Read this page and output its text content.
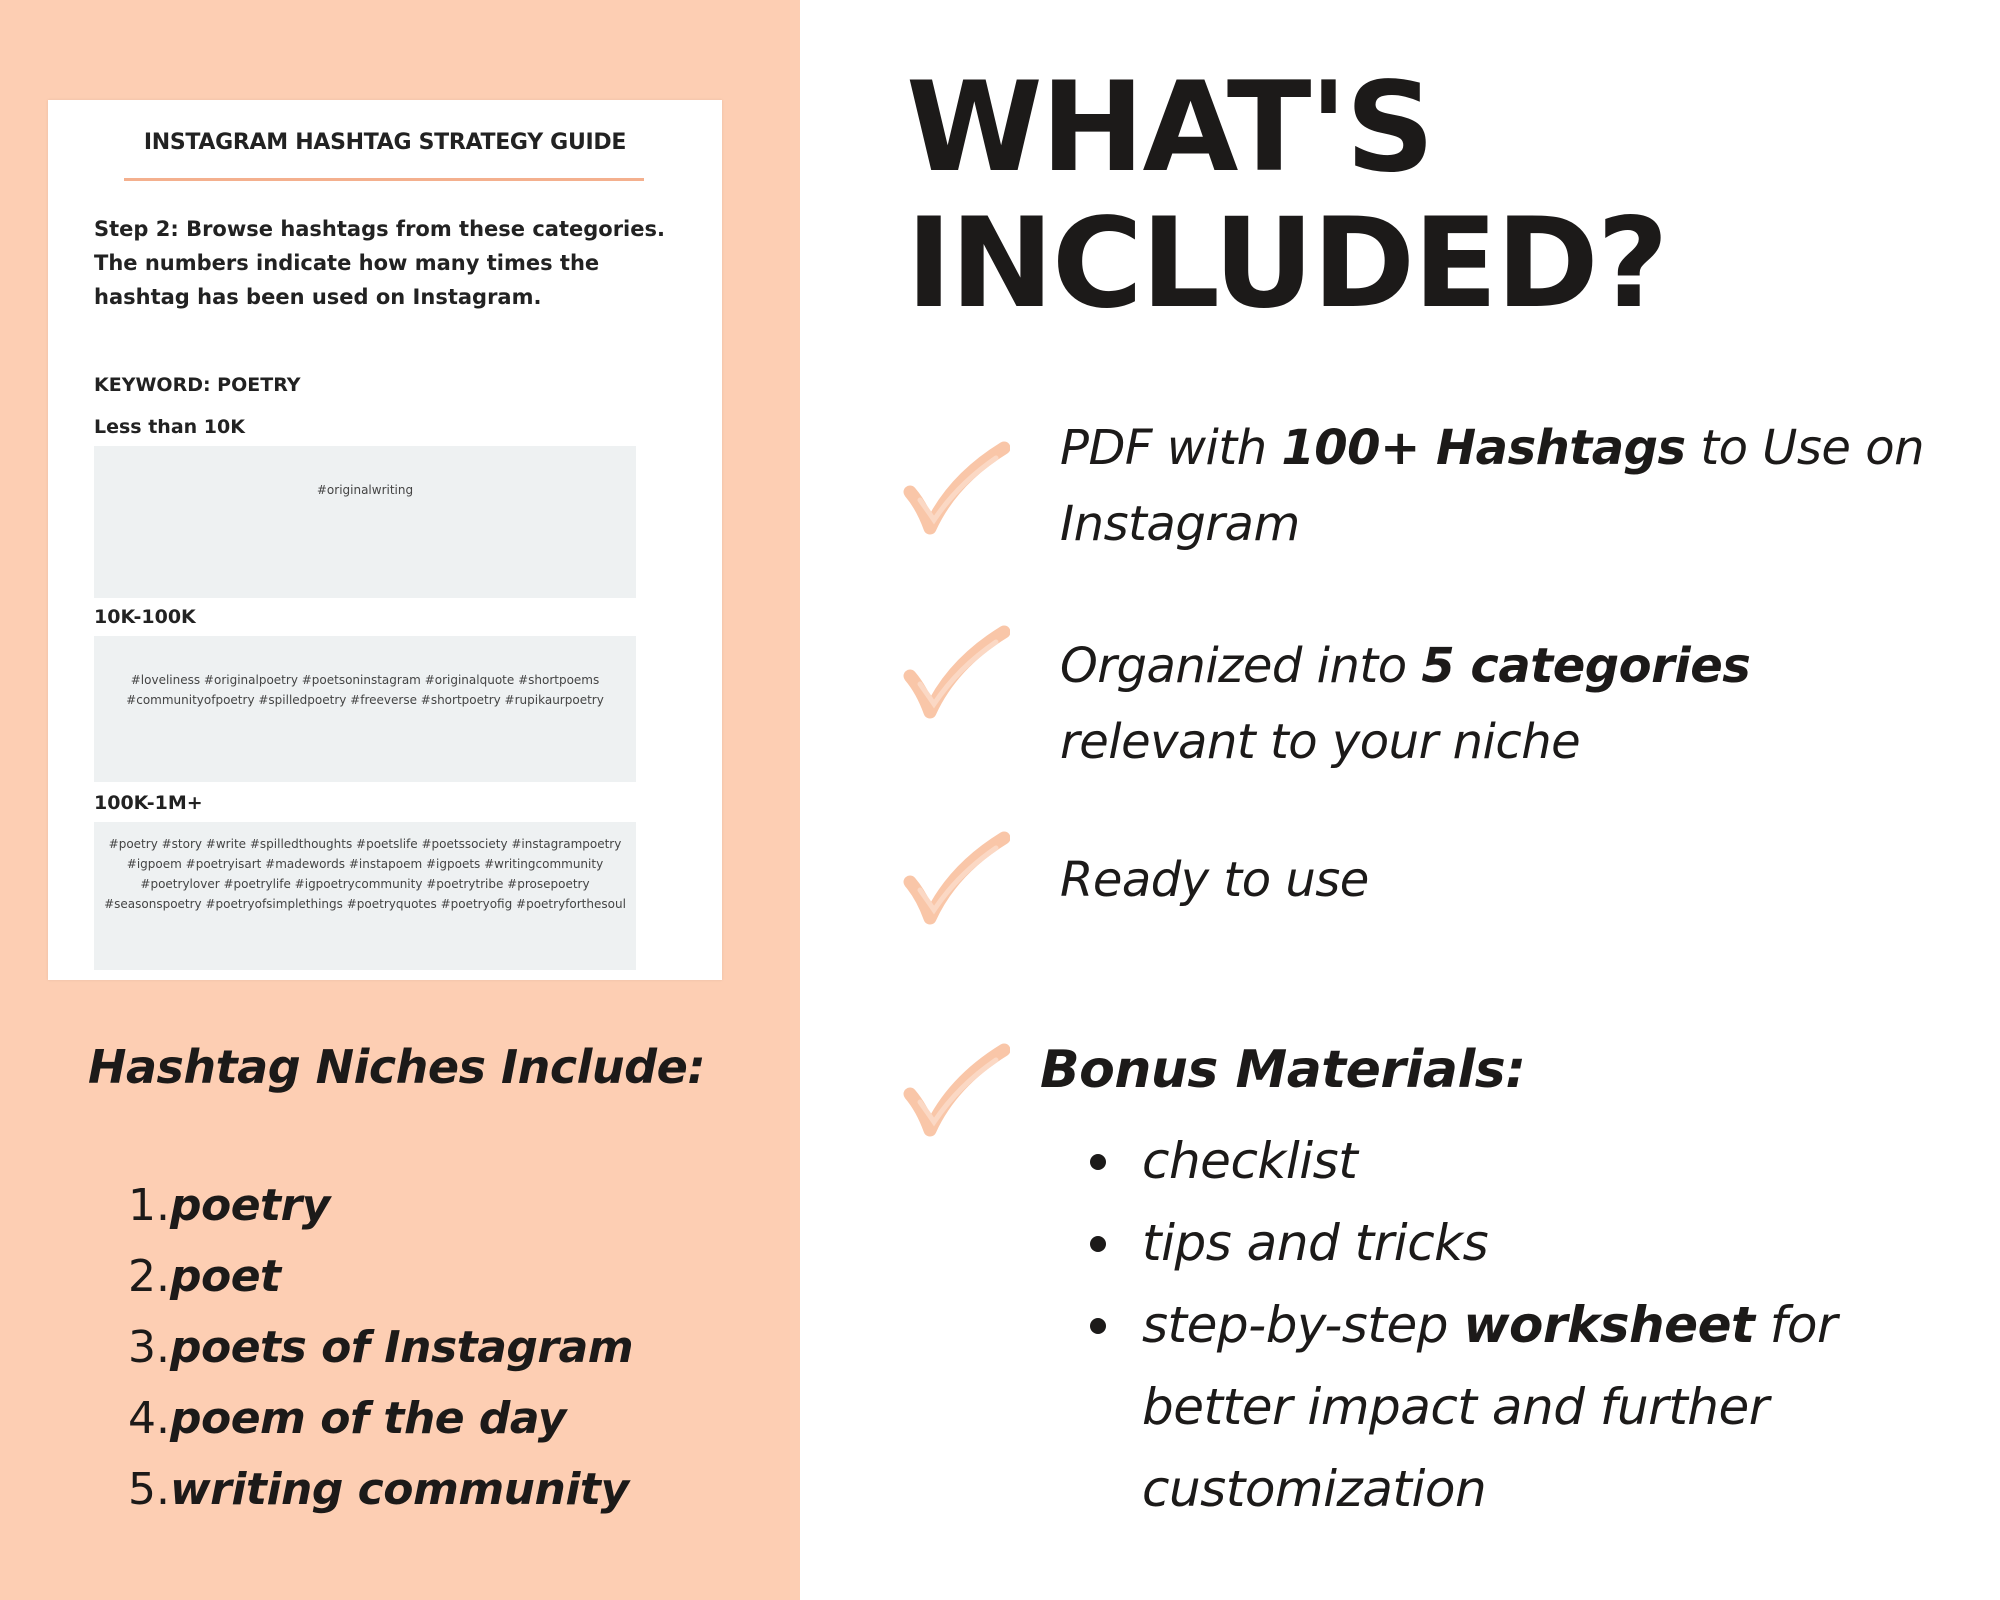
INSTAGRAM HASHTAG STRATEGY GUIDE
Step 2: Browse hashtags from these categories. The numbers indicate how many times the hashtag has been used on Instagram.
KEYWORD: POETRY
Less than 10K
#originalwriting
10K-100K
#loveliness #originalpoetry #poetsoninstagram #originalquote #shortpoems #communityofpoetry #spilledpoetry #freeverse #shortpoetry #rupikaurpoetry
100K-1M+
#poetry #story #write #spilledthoughts #poetslife #poetssociety #instagrampoetry #igpoem #poetryisart #madewords #instapoem #igpoets #writingcommunity #poetrylover #poetrylife #igpoetrycommunity #poetrytribe #prosepoetry #seasonspoetry #poetryofsimplethings #poetryquotes #poetryofig #poetryforthesoul
Hashtag Niches Include:
1.poetry
2.poet
3.poets of Instagram
4.poem of the day
5.writing community
WHAT'S
INCLUDED?
PDF with 100+ Hashtags to Use on Instagram
Organized into 5 categories relevant to your niche
Ready to use
Bonus Materials:
checklist
tips and tricks
step-by-step worksheet for better impact and further customization
